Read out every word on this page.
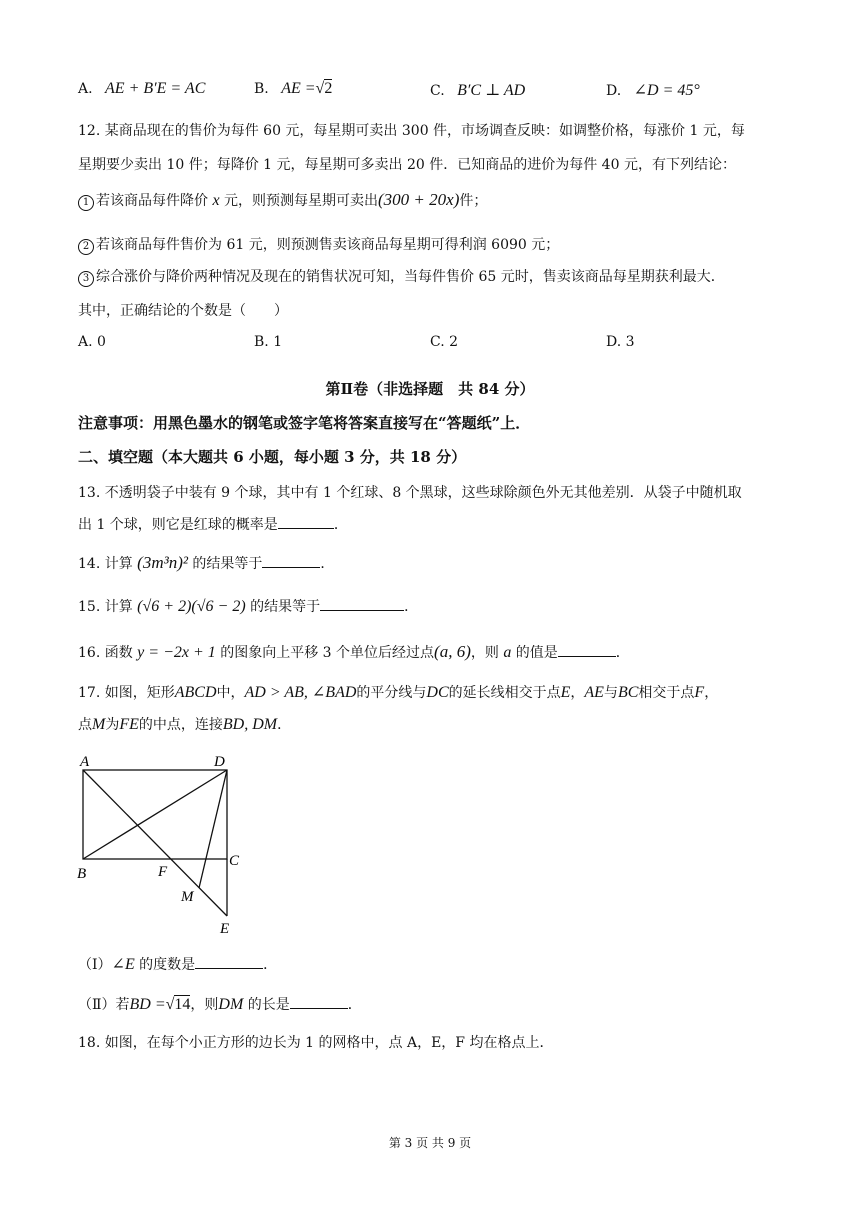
A. AE + B′E = AC	B. AE =√2	C. B′C ⊥ AD	D. ∠D = 45°
12. 某商品现在的售价为每件 60 元，每星期可卖出 300 件，市场调查反映：如调整价格，每涨价 1 元，每
星期要少卖出 10 件；每降价 1 元，每星期可多卖出 20 件．已知商品的进价为每件 40 元，有下列结论：
1 若该商品每件降价 x 元，则预测每星期可卖出(300 + 20x)件；
2 若该商品每件售价为 61 元，则预测售卖该商品每星期可得利润 6090 元；
3 综合涨价与降价两种情况及现在的销售状况可知，当每件售价 65 元时，售卖该商品每星期获利最大．
其中，正确结论的个数是（　　）
A. 0	B. 1	C. 2	D. 3
第Ⅱ卷（非选择题　共 84 分）
注意事项：用黑色墨水的钢笔或签字笔将答案直接写在“答题纸”上．
二、填空题（本大题共 6 小题，每小题 3 分，共 18 分）
13. 不透明袋子中装有 9 个球，其中有 1 个红球、8 个黑球，这些球除颜色外无其他差别．从袋子中随机取
出 1 个球，则它是红球的概率是	．
14. 计算 (3m³n)² 的结果等于	．
15. 计算 (√6 + 2)(√6 − 2) 的结果等于	．
16. 函数 y = −2x + 1 的图象向上平移 3 个单位后经过点(a, 6)，则 a 的值是	．
17. 如图，矩形ABCD中，AD > AB, ∠BAD的平分线与DC的延长线相交于点E，AE与BC相交于点F，
点M为FE的中点，连接BD, DM．
A	D
B	F
C
M
E
（Ⅰ）∠E 的度数是	．
（Ⅱ）若BD =√14，则DM 的长是	．
18. 如图，在每个小正方形的边长为 1 的网格中，点 A，E，F 均在格点上．
第 3 页 共 9 页
